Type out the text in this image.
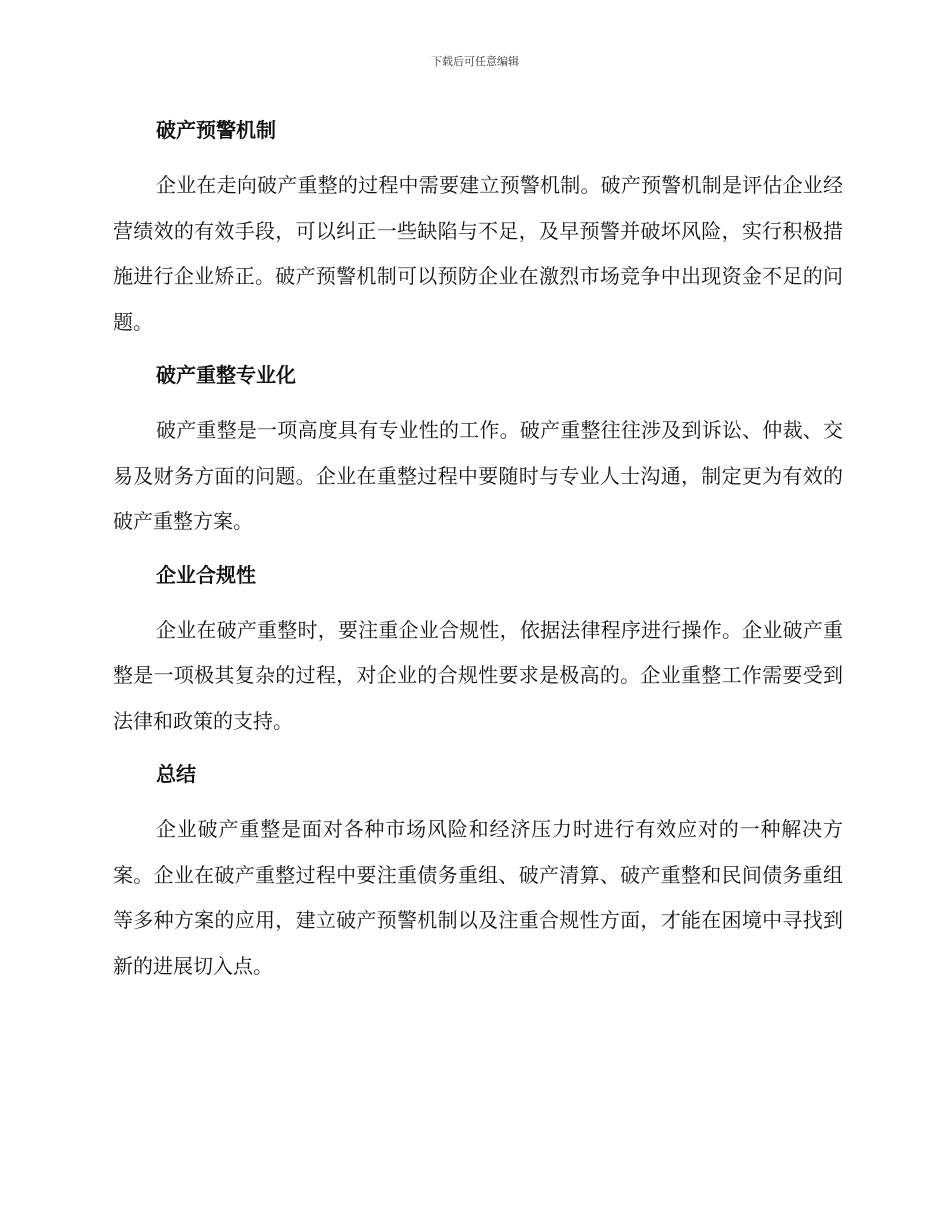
下载后可任意编辑
破产预警机制

企业在走向破产重整的过程中需要建立预警机制。破产预警机制是评估企业经营绩效的有效手段，可以纠正一些缺陷与不足，及早预警并破坏风险，实行积极措施进行企业矫正。破产预警机制可以预防企业在激烈市场竞争中出现资金不足的问题。

破产重整专业化

破产重整是一项高度具有专业性的工作。破产重整往往涉及到诉讼、仲裁、交易及财务方面的问题。企业在重整过程中要随时与专业人士沟通，制定更为有效的破产重整方案。

企业合规性

企业在破产重整时，要注重企业合规性，依据法律程序进行操作。企业破产重整是一项极其复杂的过程，对企业的合规性要求是极高的。企业重整工作需要受到法律和政策的支持。

总结

企业破产重整是面对各种市场风险和经济压力时进行有效应对的一种解决方案。企业在破产重整过程中要注重债务重组、破产清算、破产重整和民间债务重组等多种方案的应用，建立破产预警机制以及注重合规性方面，才能在困境中寻找到新的进展切入点。
